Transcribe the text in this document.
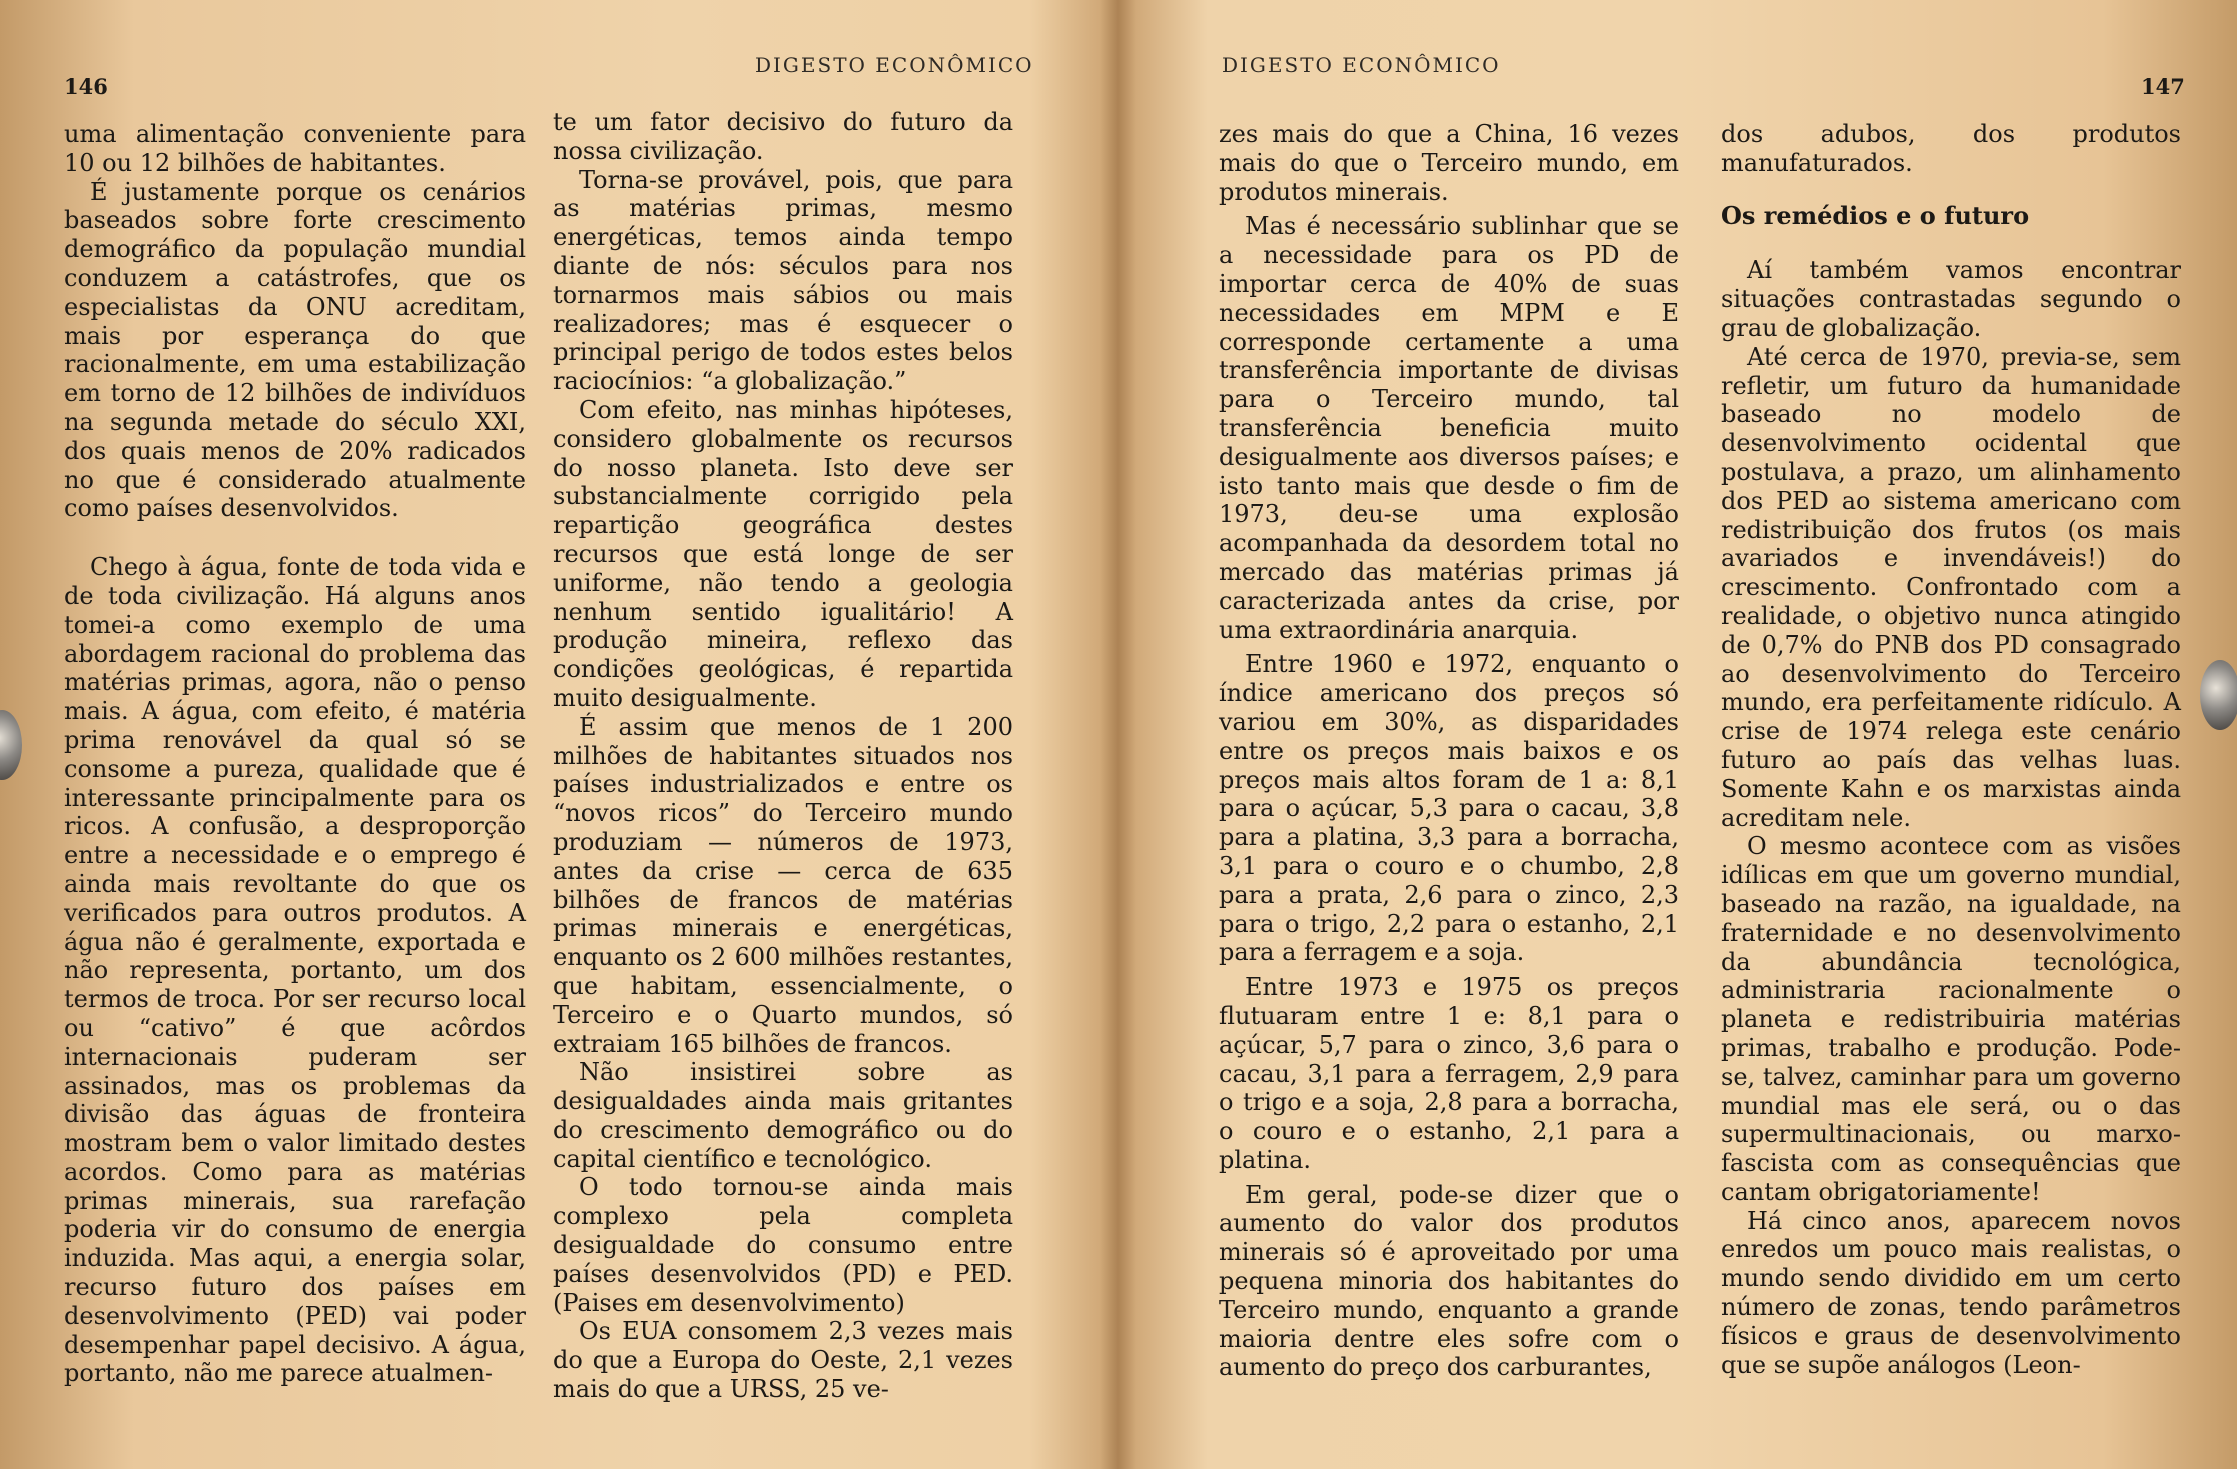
146
DIGESTO ECONÔMICO

uma alimentação conveniente para 10 ou 12 bilhões de habitantes.

É justamente porque os cenários baseados sobre forte crescimento demográfico da população mundial conduzem a catástrofes, que os especialistas da ONU acreditam, mais por esperança do que racionalmente, em uma estabilização em torno de 12 bilhões de indivíduos na segunda metade do século XXI, dos quais menos de 20% radicados no que é considerado atualmente como países desenvolvidos.

Chego à água, fonte de toda vida e de toda civilização. Há alguns anos tomei-a como exemplo de uma abordagem racional do problema das matérias primas, agora, não o penso mais. A água, com efeito, é matéria prima renovável da qual só se consome a pureza, qualidade que é interessante principalmente para os ricos. A confusão, a desproporção entre a necessidade e o emprego é ainda mais revoltante do que os verificados para outros produtos. A água não é geralmente, exportada e não representa, portanto, um dos termos de troca. Por ser recurso local ou “cativo” é que acôrdos internacionais puderam ser assinados, mas os problemas da divisão das águas de fronteira mostram bem o valor limitado destes acordos. Como para as matérias primas minerais, sua rarefação poderia vir do consumo de energia induzida. Mas aqui, a energia solar, recurso futuro dos países em desenvolvimento (PED) vai poder desempenhar papel decisivo. A água, portanto, não me parece atualmen-

te um fator decisivo do futuro da nossa civilização.

Torna-se provável, pois, que para as matérias primas, mesmo energéticas, temos ainda tempo diante de nós: séculos para nos tornarmos mais sábios ou mais realizadores; mas é esquecer o principal perigo de todos estes belos raciocínios: “a globalização.”

Com efeito, nas minhas hipóteses, considero globalmente os recursos do nosso planeta. Isto deve ser substancialmente corrigido pela repartição geográfica destes recursos que está longe de ser uniforme, não tendo a geologia nenhum sentido igualitário! A produção mineira, reflexo das condições geológicas, é repartida muito desigualmente.

É assim que menos de 1 200 milhões de habitantes situados nos países industrializados e entre os “novos ricos” do Terceiro mundo produziam — números de 1973, antes da crise — cerca de 635 bilhões de francos de matérias primas minerais e energéticas, enquanto os 2 600 milhões restantes, que habitam, essencialmente, o Terceiro e o Quarto mundos, só extraiam 165 bilhões de francos.

Não insistirei sobre as desigualdades ainda mais gritantes do crescimento demográfico ou do capital científico e tecnológico.

O todo tornou-se ainda mais complexo pela completa desigualdade do consumo entre países desenvolvidos (PD) e PED. (Paises em desenvolvimento)

Os EUA consomem 2,3 vezes mais do que a Europa do Oeste, 2,1 vezes mais do que a URSS, 25 ve-

DIGESTO ECONÔMICO
147

zes mais do que a China, 16 vezes mais do que o Terceiro mundo, em produtos minerais.

Mas é necessário sublinhar que se a necessidade para os PD de importar cerca de 40% de suas necessidades em MPM e E corresponde certamente a uma transferência importante de divisas para o Terceiro mundo, tal transferência beneficia muito desigualmente aos diversos países; e isto tanto mais que desde o fim de 1973, deu-se uma explosão acompanhada da desordem total no mercado das matérias primas já caracterizada antes da crise, por uma extraordinária anarquia.

Entre 1960 e 1972, enquanto o índice americano dos preços só variou em 30%, as disparidades entre os preços mais baixos e os preços mais altos foram de 1 a: 8,1 para o açúcar, 5,3 para o cacau, 3,8 para a platina, 3,3 para a borracha, 3,1 para o couro e o chumbo, 2,8 para a prata, 2,6 para o zinco, 2,3 para o trigo, 2,2 para o estanho, 2,1 para a ferragem e a soja.

Entre 1973 e 1975 os preços flutuaram entre 1 e: 8,1 para o açúcar, 5,7 para o zinco, 3,6 para o cacau, 3,1 para a ferragem, 2,9 para o trigo e a soja, 2,8 para a borracha, o couro e o estanho, 2,1 para a platina.

Em geral, pode-se dizer que o aumento do valor dos produtos minerais só é aproveitado por uma pequena minoria dos habitantes do Terceiro mundo, enquanto a grande maioria dentre eles sofre com o aumento do preço dos carburantes,

dos adubos, dos produtos manufaturados.

Os remédios e o futuro

Aí também vamos encontrar situações contrastadas segundo o grau de globalização.

Até cerca de 1970, previa-se, sem refletir, um futuro da humanidade baseado no modelo de desenvolvimento ocidental que postulava, a prazo, um alinhamento dos PED ao sistema americano com redistribuição dos frutos (os mais avariados e invendáveis!) do crescimento. Confrontado com a realidade, o objetivo nunca atingido de 0,7% do PNB dos PD consagrado ao desenvolvimento do Terceiro mundo, era perfeitamente ridículo. A crise de 1974 relega este cenário futuro ao país das velhas luas. Somente Kahn e os marxistas ainda acreditam nele.

O mesmo acontece com as visões idílicas em que um governo mundial, baseado na razão, na igualdade, na fraternidade e no desenvolvimento da abundância tecnológica, administraria racionalmente o planeta e redistribuiria matérias primas, trabalho e produção. Pode-se, talvez, caminhar para um governo mundial mas ele será, ou o das supermultinacionais, ou marxo-fascista com as consequências que cantam obrigatoriamente!

Há cinco anos, aparecem novos enredos um pouco mais realistas, o mundo sendo dividido em um certo número de zonas, tendo parâmetros físicos e graus de desenvolvimento que se supõe análogos (Leon-
